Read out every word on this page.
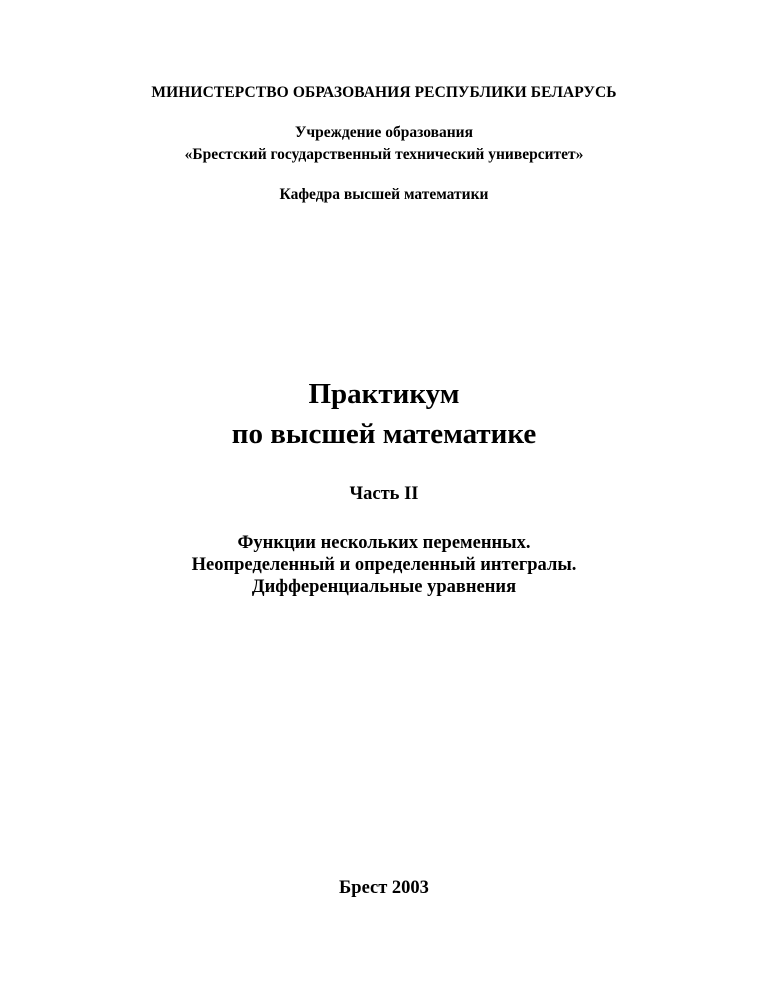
МИНИСТЕРСТВО ОБРАЗОВАНИЯ РЕСПУБЛИКИ БЕЛАРУСЬ

Учреждение образования

«Брестский государственный технический университет»

Кафедра высшей математики

Практикум

по высшей математике

Часть II

Функции нескольких переменных.

Неопределенный и определенный интегралы.

Дифференциальные уравнения

Брест 2003
